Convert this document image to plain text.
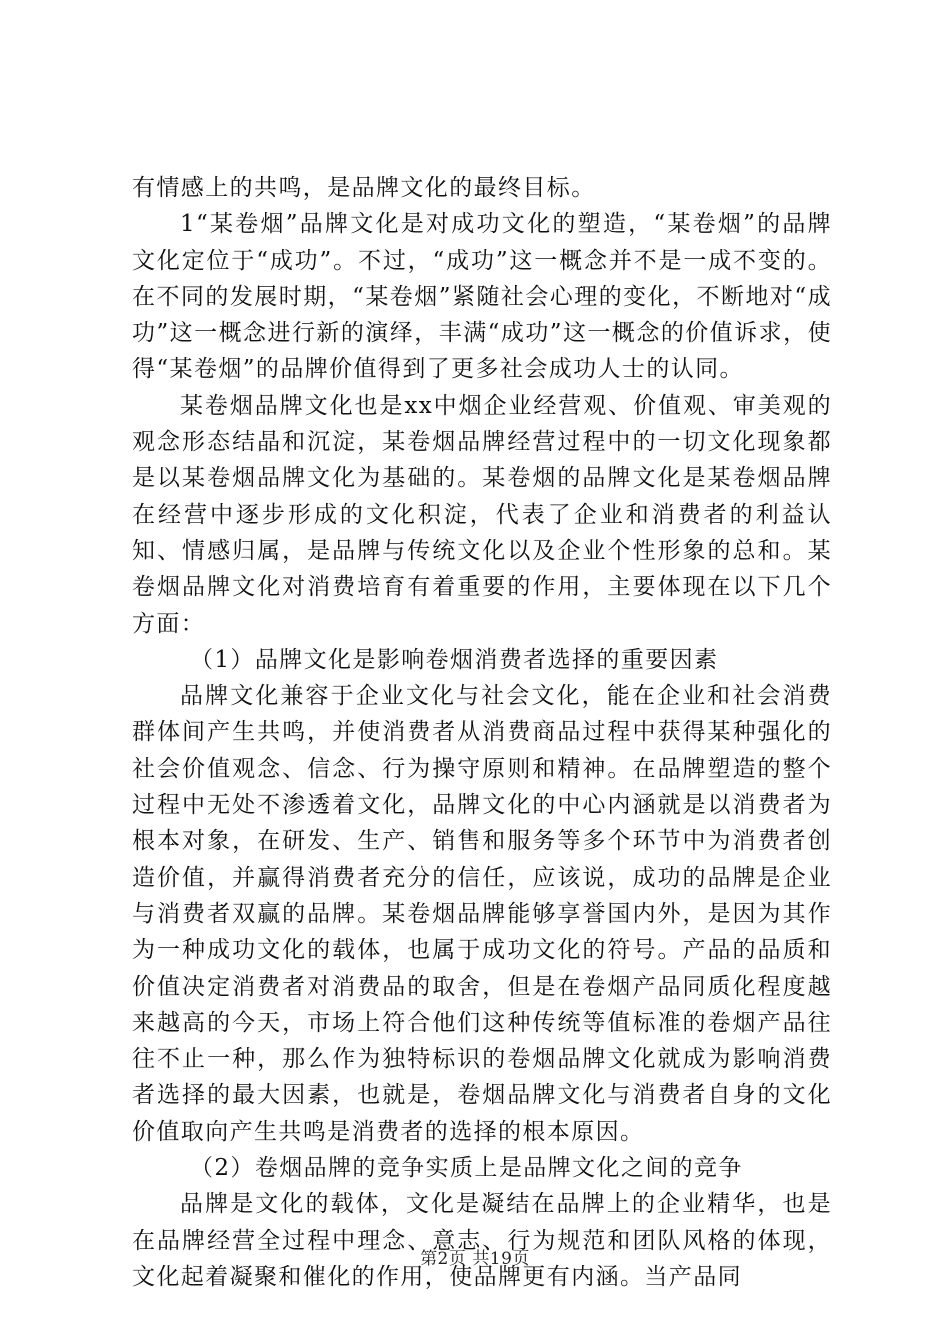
有情感上的共鸣，是品牌文化的最终目标。

1“某卷烟”品牌文化是对成功文化的塑造，“某卷烟”的品牌文化定位于“成功”。不过，“成功”这一概念并不是一成不变的。在不同的发展时期，“某卷烟”紧随社会心理的变化，不断地对“成功”这一概念进行新的演绎，丰满“成功”这一概念的价值诉求，使得“某卷烟”的品牌价值得到了更多社会成功人士的认同。

某卷烟品牌文化也是xx中烟企业经营观、价值观、审美观的观念形态结晶和沉淀，某卷烟品牌经营过程中的一切文化现象都是以某卷烟品牌文化为基础的。某卷烟的品牌文化是某卷烟品牌在经营中逐步形成的文化积淀，代表了企业和消费者的利益认知、情感归属，是品牌与传统文化以及企业个性形象的总和。某卷烟品牌文化对消费培育有着重要的作用，主要体现在以下几个方面：

（1）品牌文化是影响卷烟消费者选择的重要因素

品牌文化兼容于企业文化与社会文化，能在企业和社会消费群体间产生共鸣，并使消费者从消费商品过程中获得某种强化的社会价值观念、信念、行为操守原则和精神。在品牌塑造的整个过程中无处不渗透着文化，品牌文化的中心内涵就是以消费者为根本对象，在研发、生产、销售和服务等多个环节中为消费者创造价值，并赢得消费者充分的信任，应该说，成功的品牌是企业与消费者双赢的品牌。某卷烟品牌能够享誉国内外，是因为其作为一种成功文化的载体，也属于成功文化的符号。产品的品质和价值决定消费者对消费品的取舍，但是在卷烟产品同质化程度越来越高的今天，市场上符合他们这种传统等值标准的卷烟产品往往不止一种，那么作为独特标识的卷烟品牌文化就成为影响消费者选择的最大因素，也就是，卷烟品牌文化与消费者自身的文化价值取向产生共鸣是消费者的选择的根本原因。

（2）卷烟品牌的竞争实质上是品牌文化之间的竞争

品牌是文化的载体，文化是凝结在品牌上的企业精华，也是在品牌经营全过程中理念、意志、行为规范和团队风格的体现，文化起着凝聚和催化的作用，使品牌更有内涵。当产品同

第2页 共19页
